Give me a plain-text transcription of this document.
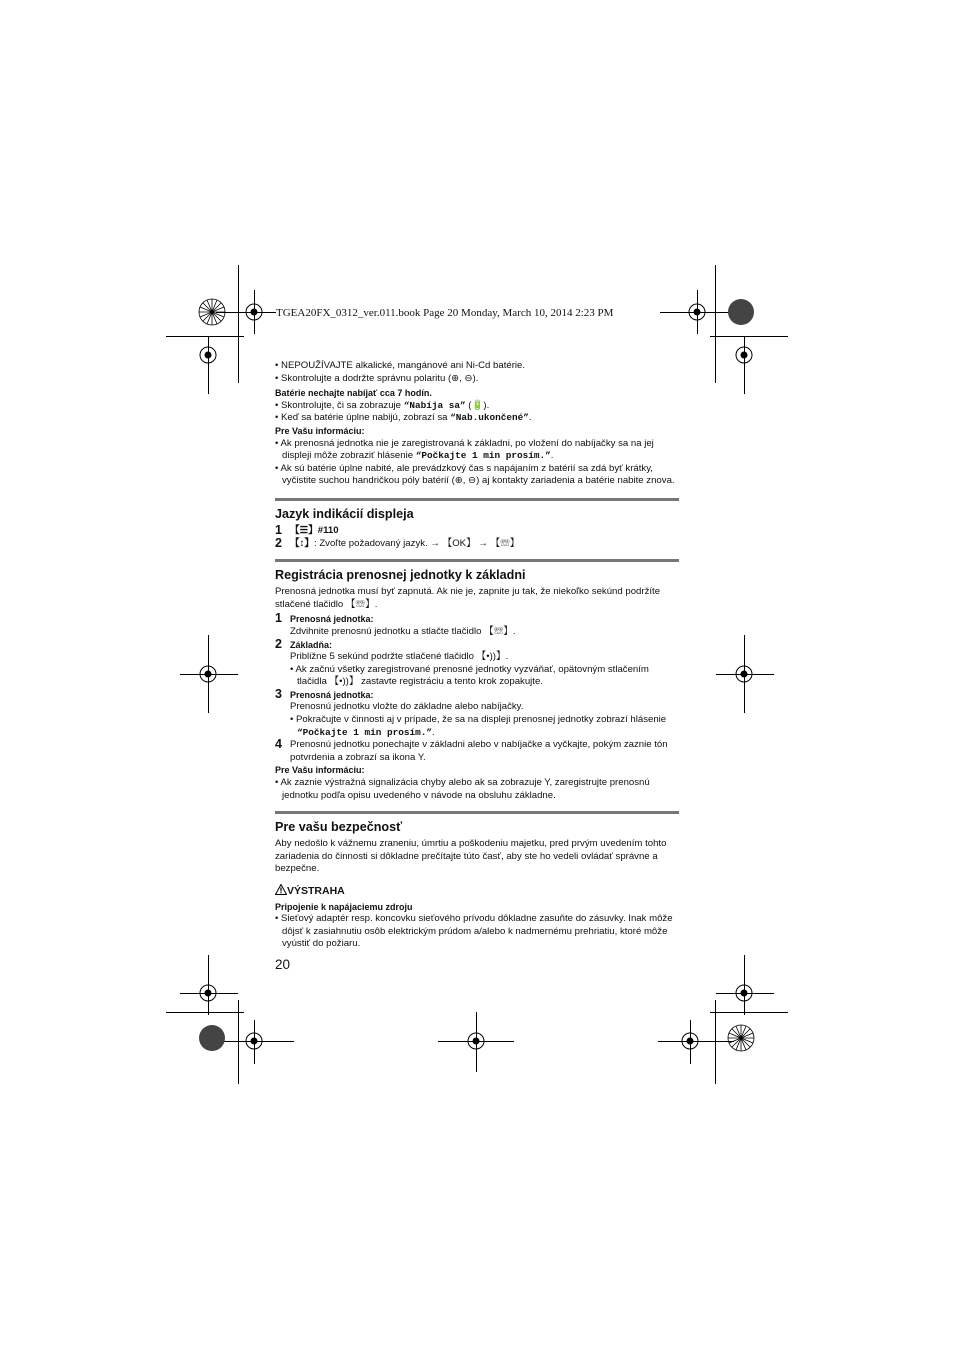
TGEA20FX_0312_ver.011.book Page 20 Monday, March 10, 2014 2:23 PM

• NEPOUŽÍVAJTE alkalické, mangánové ani Ni-Cd batérie.

• Skontrolujte a dodržte správnu polaritu (⊕, ⊖).

Batérie nechajte nabíjať cca 7 hodín.

• Skontrolujte, či sa zobrazuje “Nabíja sa” (🔋).

• Keď sa batérie úplne nabijú, zobrazí sa “Nab.ukončené”.

Pre Vašu informáciu:

• Ak prenosná jednotka nie je zaregistrovaná k základni, po vložení do nabíjačky sa na jej displeji môže zobraziť hlásenie “Počkajte 1 min prosím.”.

• Ak sú batérie úplne nabité, ale prevádzkový čas s napájaním z batérií sa zdá byť krátky, vyčistite suchou handričkou póly batérií (⊕, ⊖) aj kontakty zariadenia a batérie nabite znova.

Jazyk indikácií displeja
1 【☰】#110
2 【↕】: Zvoľte požadovaný jazyk. → 【OK】 → 【☏】
Registrácia prenosnej jednotky k základni

Prenosná jednotka musí byť zapnutá. Ak nie je, zapnite ju tak, že niekoľko sekúnd podržíte stlačené tlačidlo 【☏】.

1 Prenosná jednotka:

Zdvihnite prenosnú jednotku a stlačte tlačidlo 【☏】.

2 Základňa:

Približne 5 sekúnd podržte stlačené tlačidlo 【•))】.

• Ak začnú všetky zaregistrované prenosné jednotky vyzváňať, opätovným stlačením tlačidla 【•))】 zastavte registráciu a tento krok zopakujte.

3 Prenosná jednotka:

Prenosnú jednotku vložte do základne alebo nabíjačky.

• Pokračujte v činnosti aj v prípade, že sa na displeji prenosnej jednotky zobrazí hlásenie “Počkajte 1 min prosím.”.

4 Prenosnú jednotku ponechajte v základni alebo v nabíjačke a vyčkajte, pokým zaznie tón potvrdenia a zobrazí sa ikona Y.

Pre Vašu informáciu:

• Ak zaznie výstražná signalizácia chyby alebo ak sa zobrazuje Y, zaregistrujte prenosnú jednotku podľa opisu uvedeného v návode na obsluhu základne.

Pre vašu bezpečnosť

Aby nedošlo k vážnemu zraneniu, úmrtiu a poškodeniu majetku, pred prvým uvedením tohto zariadenia do činnosti si dôkladne prečítajte túto časť, aby ste ho vedeli ovládať správne a bezpečne.

VÝSTRAHA

Pripojenie k napájaciemu zdroju

• Sieťový adaptér resp. koncovku sieťového prívodu dôkladne zasuňte do zásuvky. Inak môže dôjsť k zasiahnutiu osôb elektrickým prúdom a/alebo k nadmernému prehriatiu, ktoré môže vyústiť do požiaru.

20
